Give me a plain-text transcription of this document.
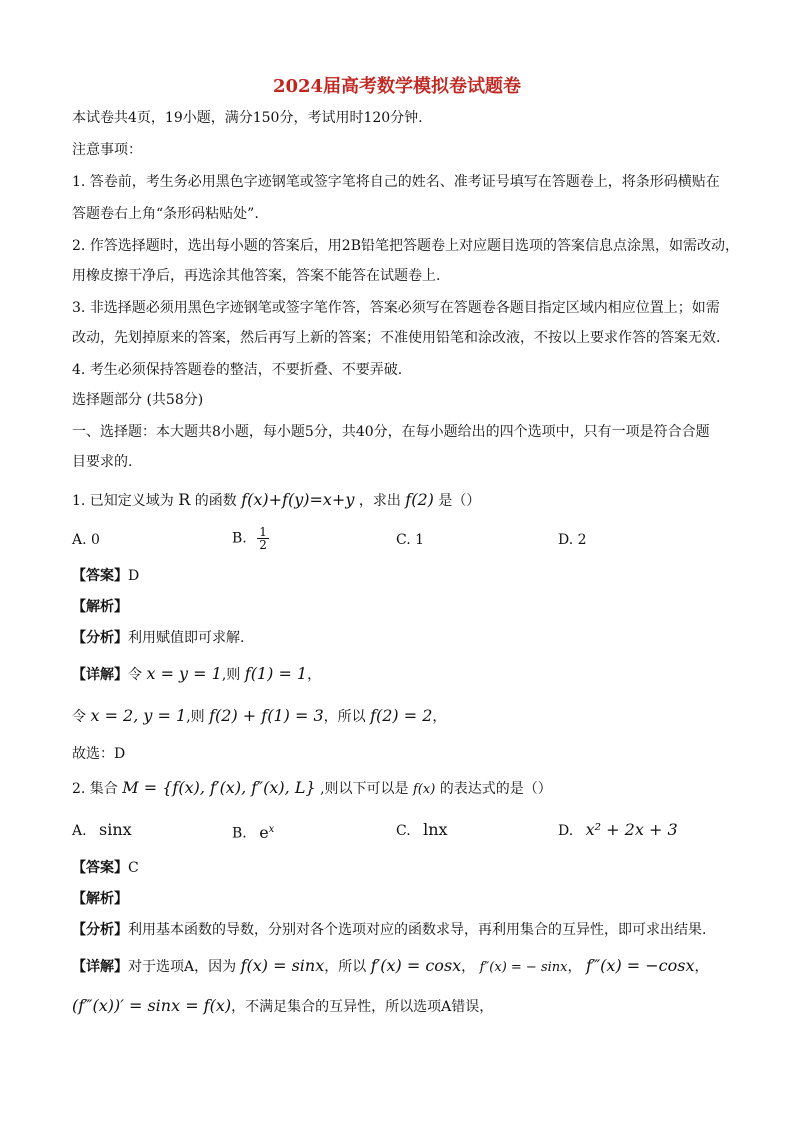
2024届高考数学模拟卷试题卷
本试卷共4页，19小题，满分150分，考试用时120分钟.
注意事项：
1. 答卷前，考生务必用黑色字迹钢笔或签字笔将自己的姓名、准考证号填写在答题卷上，将条形码横贴在
答题卷右上角“条形码粘贴处”.
2. 作答选择题时，选出每小题的答案后，用2B铅笔把答题卷上对应题目选项的答案信息点涂黑，如需改动，
用橡皮擦干净后，再选涂其他答案，答案不能答在试题卷上.
3. 非选择题必须用黑色字迹钢笔或签字笔作答，答案必须写在答题卷各题目指定区域内相应位置上；如需
改动，先划掉原来的答案，然后再写上新的答案；不准使用铅笔和涂改液，不按以上要求作答的答案无效.
4. 考生必须保持答题卷的整洁，不要折叠、不要弄破.
选择题部分 (共58分)
一、选择题：本大题共8小题，每小题5分，共40分，在每小题给出的四个选项中，只有一项是符合合题
目要求的.
1. 已知定义域为 R 的函数 f(x)+f(y)=x+y ，求出 f(2) 是（）
A. 0	B. $\frac{1}{2}$	C. 1	D. 2
【答案】D
【解析】
【分析】利用赋值即可求解.
【详解】令 x = y = 1,则 f(1) = 1，
令 x = 2, y = 1,则 f(2) + f(1) = 3，所以 f(2) = 2，
故选：D
2. 集合 M = {f(x), f′(x), f″(x), L} ,则以下可以是 f(x) 的表达式的是（）
A. sinx	B. $e^x$	C. lnx	D. x² + 2x + 3
【答案】C
【解析】
【分析】利用基本函数的导数，分别对各个选项对应的函数求导，再利用集合的互异性，即可求出结果.
【详解】对于选项A，因为 f(x) = sinx，所以 f′(x) = cosx， f″(x) = − sinx， f‴(x) = −cosx，
(f‴(x))′ = sinx = f(x)，不满足集合的互异性，所以选项A错误，
